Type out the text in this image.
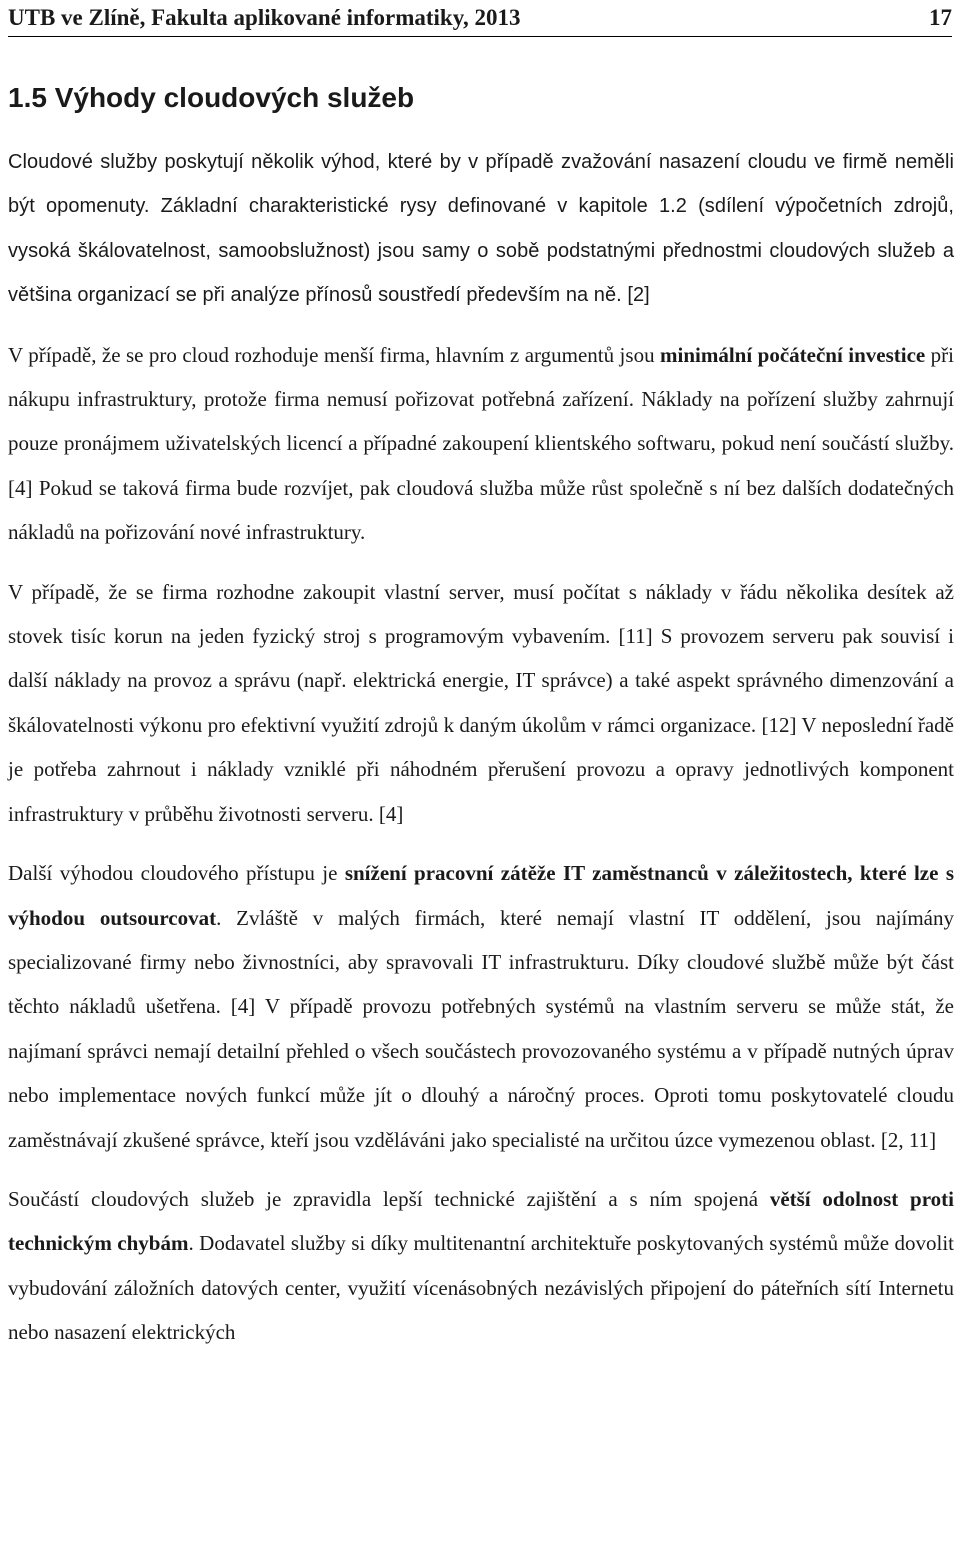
UTB ve Zlíně, Fakulta aplikované informatiky, 2013	17
1.5 Výhody cloudových služeb

Cloudové služby poskytují několik výhod, které by v případě zvažování nasazení cloudu ve firmě neměli být opomenuty. Základní charakteristické rysy definované v kapitole 1.2 (sdílení výpočetních zdrojů, vysoká škálovatelnost, samoobslužnost) jsou samy o sobě podstatnými přednostmi cloudových služeb a většina organizací se při analýze přínosů soustředí především na ně. [2]

V případě, že se pro cloud rozhoduje menší firma, hlavním z argumentů jsou minimální počáteční investice při nákupu infrastruktury, protože firma nemusí pořizovat potřebná zařízení. Náklady na pořízení služby zahrnují pouze pronájmem uživatelských licencí a případné zakoupení klientského softwaru, pokud není součástí služby. [4] Pokud se taková firma bude rozvíjet, pak cloudová služba může růst společně s ní bez dalších dodatečných nákladů na pořizování nové infrastruktury.

V případě, že se firma rozhodne zakoupit vlastní server, musí počítat s náklady v řádu několika desítek až stovek tisíc korun na jeden fyzický stroj s programovým vybavením. [11] S provozem serveru pak souvisí i další náklady na provoz a správu (např. elektrická energie, IT správce) a také aspekt správného dimenzování a škálovatelnosti výkonu pro efektivní využití zdrojů k daným úkolům v rámci organizace. [12] V neposlední řadě je potřeba zahrnout i náklady vzniklé při náhodném přerušení provozu a opravy jednotlivých komponent infrastruktury v průběhu životnosti serveru. [4]

Další výhodou cloudového přístupu je snížení pracovní zátěže IT zaměstnanců v záležitostech, které lze s výhodou outsourcovat. Zvláště v malých firmách, které nemají vlastní IT oddělení, jsou najímány specializované firmy nebo živnostníci, aby spravovali IT infrastrukturu. Díky cloudové službě může být část těchto nákladů ušetřena. [4] V případě provozu potřebných systémů na vlastním serveru se může stát, že najímaní správci nemají detailní přehled o všech součástech provozovaného systému a v případě nutných úprav nebo implementace nových funkcí může jít o dlouhý a náročný proces. Oproti tomu poskytovatelé cloudu zaměstnávají zkušené správce, kteří jsou vzděláváni jako specialisté na určitou úzce vymezenou oblast. [2, 11]

Součástí cloudových služeb je zpravidla lepší technické zajištění a s ním spojená větší odolnost proti technickým chybám. Dodavatel služby si díky multitenantní architektuře poskytovaných systémů může dovolit vybudování záložních datových center, využití vícenásobných nezávislých připojení do páteřních sítí Internetu nebo nasazení elektrických
